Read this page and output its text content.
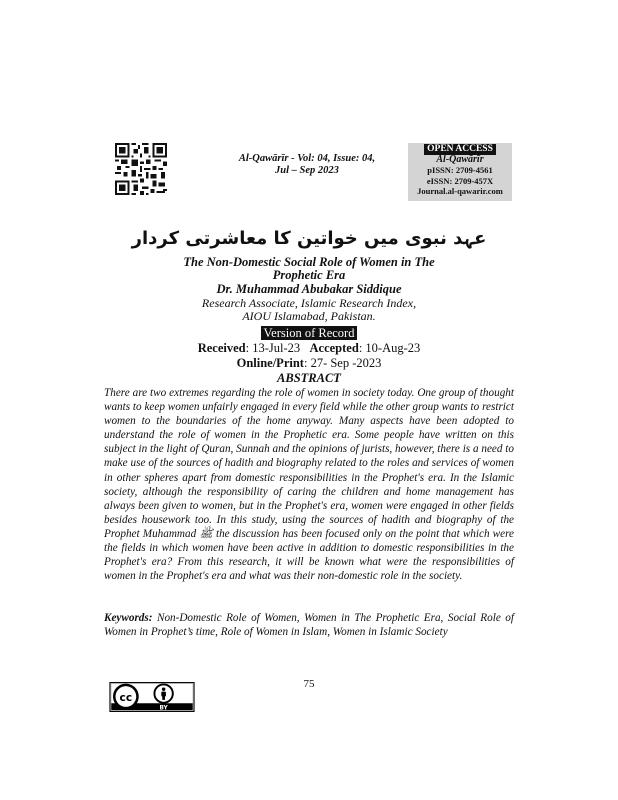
Al-Qawārīr - Vol: 04, Issue: 04,
Jul – Sep 2023
OPEN ACCESS
Al-Qawārīr
pISSN: 2709-4561
eISSN: 2709-457X
Journal.al-qawarir.com
عہد نبوی میں خواتین کا معاشرتی کردار
The Non-Domestic Social Role of Women in The
Prophetic Era
Dr. Muhammad Abubakar Siddique
Research Associate, Islamic Research Index,
AIOU Islamabad, Pakistan.
Version of Record
Received: 13-Jul-23 Accepted: 10-Aug-23
Online/Print: 27- Sep -2023
ABSTRACT
There are two extremes regarding the role of women in society today. One group of thought wants to keep women unfairly engaged in every field while the other group wants to restrict women to the boundaries of the home anyway. Many aspects have been adopted to understand the role of women in the Prophetic era. Some people have written on this subject in the light of Quran, Sunnah and the opinions of jurists, however, there is a need to make use of the sources of hadith and biography related to the roles and services of women in other spheres apart from domestic responsibilities in the Prophet's era. In the Islamic society, although the responsibility of caring the children and home management has always been given to women, but in the Prophet's era, women were engaged in other fields besides housework too. In this study, using the sources of hadith and biography of the Prophet Muhammad ﷺ the discussion has been focused only on the point that which were the fields in which women have been active in addition to domestic responsibilities in the Prophet's era? From this research, it will be known what were the responsibilities of women in the Prophet's era and what was their non-domestic role in the society.
Keywords: Non-Domestic Role of Women, Women in The Prophetic Era, Social Role of Women in Prophet’s time, Role of Women in Islam, Women in Islamic Society
cc
BY
75
